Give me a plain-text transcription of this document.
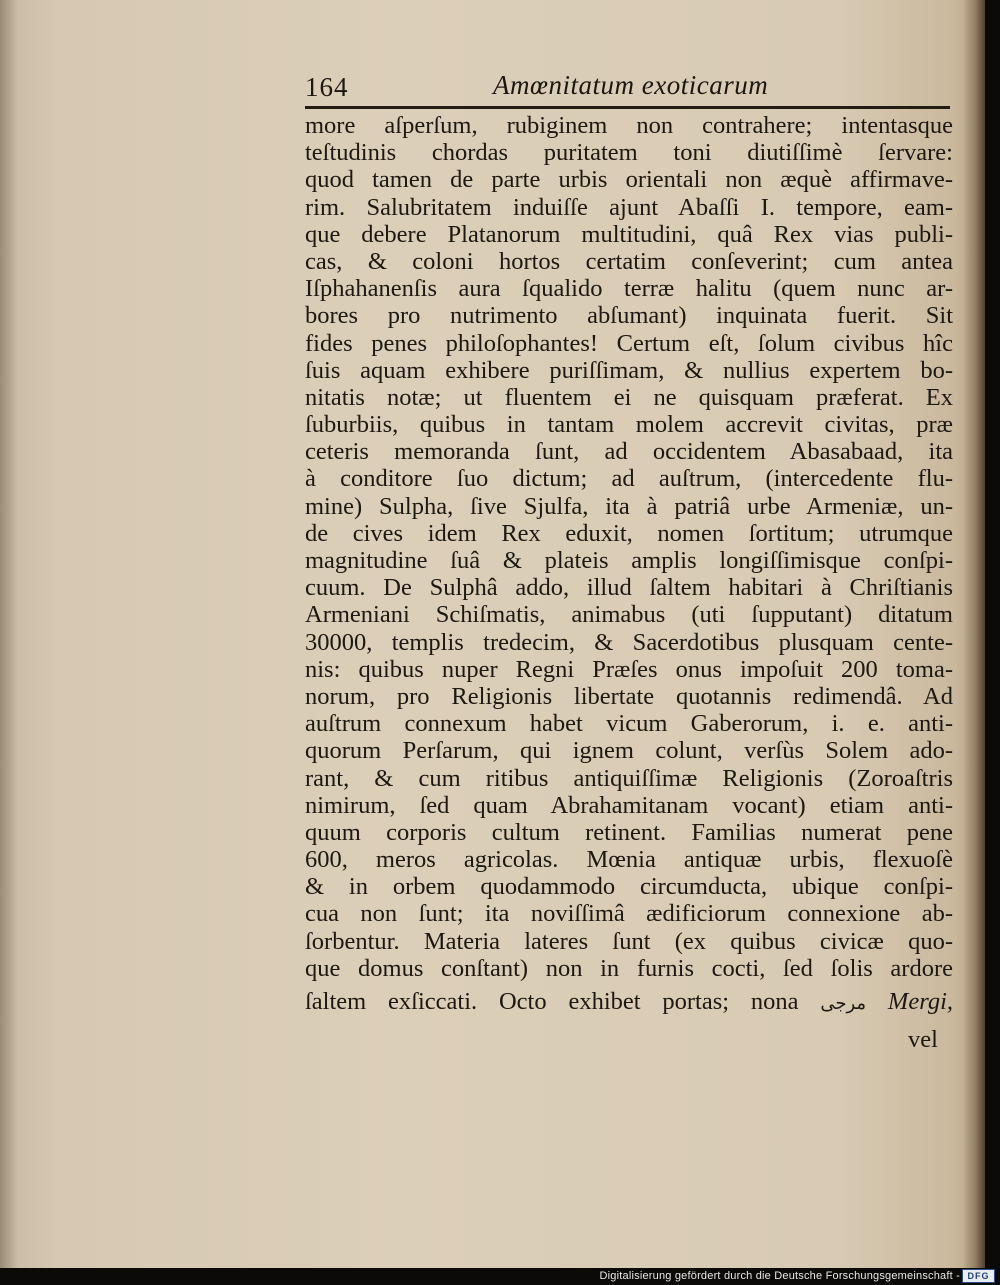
164	Amœnitatum exoticarum
more aſperſum, rubiginem non contrahere; intentasque
teſtudinis chordas puritatem toni diutiſſimè ſervare:
quod tamen de parte urbis orientali non æquè affirmave-
rim. Salubritatem induiſſe ajunt Abaſſi I. tempore, eam-
que debere Platanorum multitudini, quâ Rex vias publi-
cas, & coloni hortos certatim conſeverint; cum antea
Iſphahanenſis aura ſqualido terræ halitu (quem nunc ar-
bores pro nutrimento abſumant) inquinata fuerit. Sit
fides penes philoſophantes! Certum eſt, ſolum civibus hîc
ſuis aquam exhibere puriſſimam, & nullius expertem bo-
nitatis notæ; ut fluentem ei ne quisquam præferat. Ex
ſuburbiis, quibus in tantam molem accrevit civitas, præ
ceteris memoranda ſunt, ad occidentem Abasabaad, ita
à conditore ſuo dictum; ad auſtrum, (intercedente flu-
mine) Sulpha, ſive Sjulfa, ita à patriâ urbe Armeniæ, un-
de cives idem Rex eduxit, nomen ſortitum; utrumque
magnitudine ſuâ & plateis amplis longiſſimisque conſpi-
cuum. De Sulphâ addo, illud ſaltem habitari à Chriſtianis
Armeniani Schiſmatis, animabus (uti ſupputant) ditatum
30000, templis tredecim, & Sacerdotibus plusquam cente-
nis: quibus nuper Regni Præſes onus impoſuit 200 toma-
norum, pro Religionis libertate quotannis redimendâ. Ad
auſtrum connexum habet vicum Gaberorum, i. e. anti-
quorum Perſarum, qui ignem colunt, verſùs Solem ado-
rant, & cum ritibus antiquiſſimæ Religionis (Zoroaſtris
nimirum, ſed quam Abrahamitanam vocant) etiam anti-
quum corporis cultum retinent. Familias numerat pene
600, meros agricolas. Mœnia antiquæ urbis, flexuoſè
& in orbem quodammodo circumducta, ubique conſpi-
cua non ſunt; ita noviſſimâ ædificiorum connexione ab-
ſorbentur. Materia lateres ſunt (ex quibus civicæ quo-
que domus conſtant) non in furnis cocti, ſed ſolis ardore
ſaltem exſiccati. Octo exhibet portas; nona مرجى Mergi,
vel
Digitalisierung gefördert durch die Deutsche Forschungsgemeinschaft - DFG
